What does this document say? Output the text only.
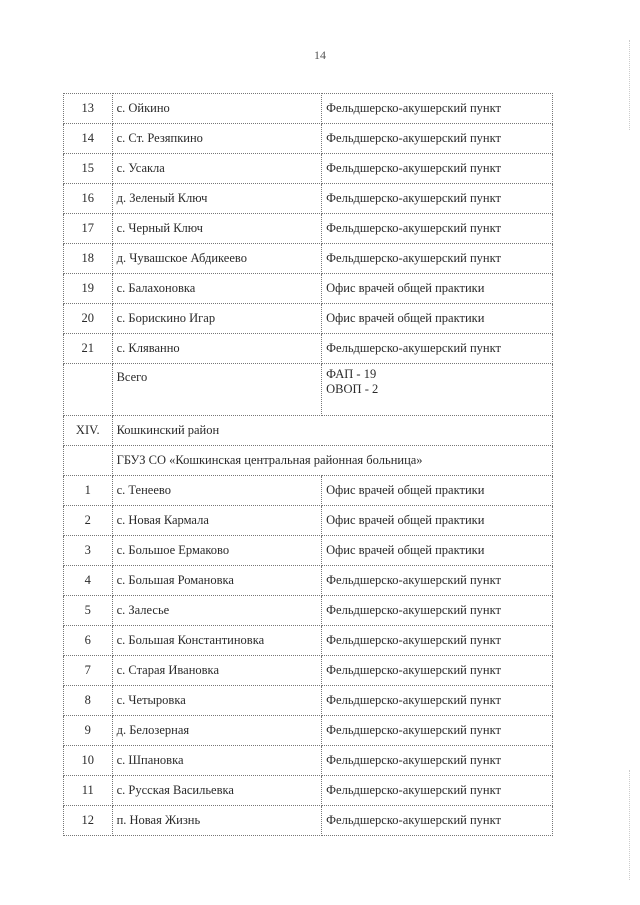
14
13	с. Ойкино	Фельдшерско-акушерский пункт
14	с. Ст. Резяпкино	Фельдшерско-акушерский пункт
15	с. Усакла	Фельдшерско-акушерский пункт
16	д. Зеленый Ключ	Фельдшерско-акушерский пункт
17	с. Черный Ключ	Фельдшерско-акушерский пункт
18	д. Чувашское Абдикеево	Фельдшерско-акушерский пункт
19	с. Балахоновка	Офис врачей общей практики
20	с. Борискино Игар	Офис врачей общей практики
21	с. Кляванно	Фельдшерско-акушерский пункт
	Всего	ФАП - 19
ОВОП - 2

XIV.	Кошкинский район	
	ГБУЗ СО «Кошкинская центральная районная больница»	
1	с. Тенеево	Офис врачей общей практики
2	с. Новая Кармала	Офис врачей общей практики
3	с. Большое Ермаково	Офис врачей общей практики
4	с. Большая Романовка	Фельдшерско-акушерский пункт
5	с. Залесье	Фельдшерско-акушерский пункт
6	с. Большая Константиновка	Фельдшерско-акушерский пункт
7	с. Старая Ивановка	Фельдшерско-акушерский пункт
8	с. Четыровка	Фельдшерско-акушерский пункт
9	д. Белозерная	Фельдшерско-акушерский пункт
10	с. Шпановка	Фельдшерско-акушерский пункт
11	с. Русская Васильевка	Фельдшерско-акушерский пункт
12	п. Новая Жизнь	Фельдшерско-акушерский пункт
